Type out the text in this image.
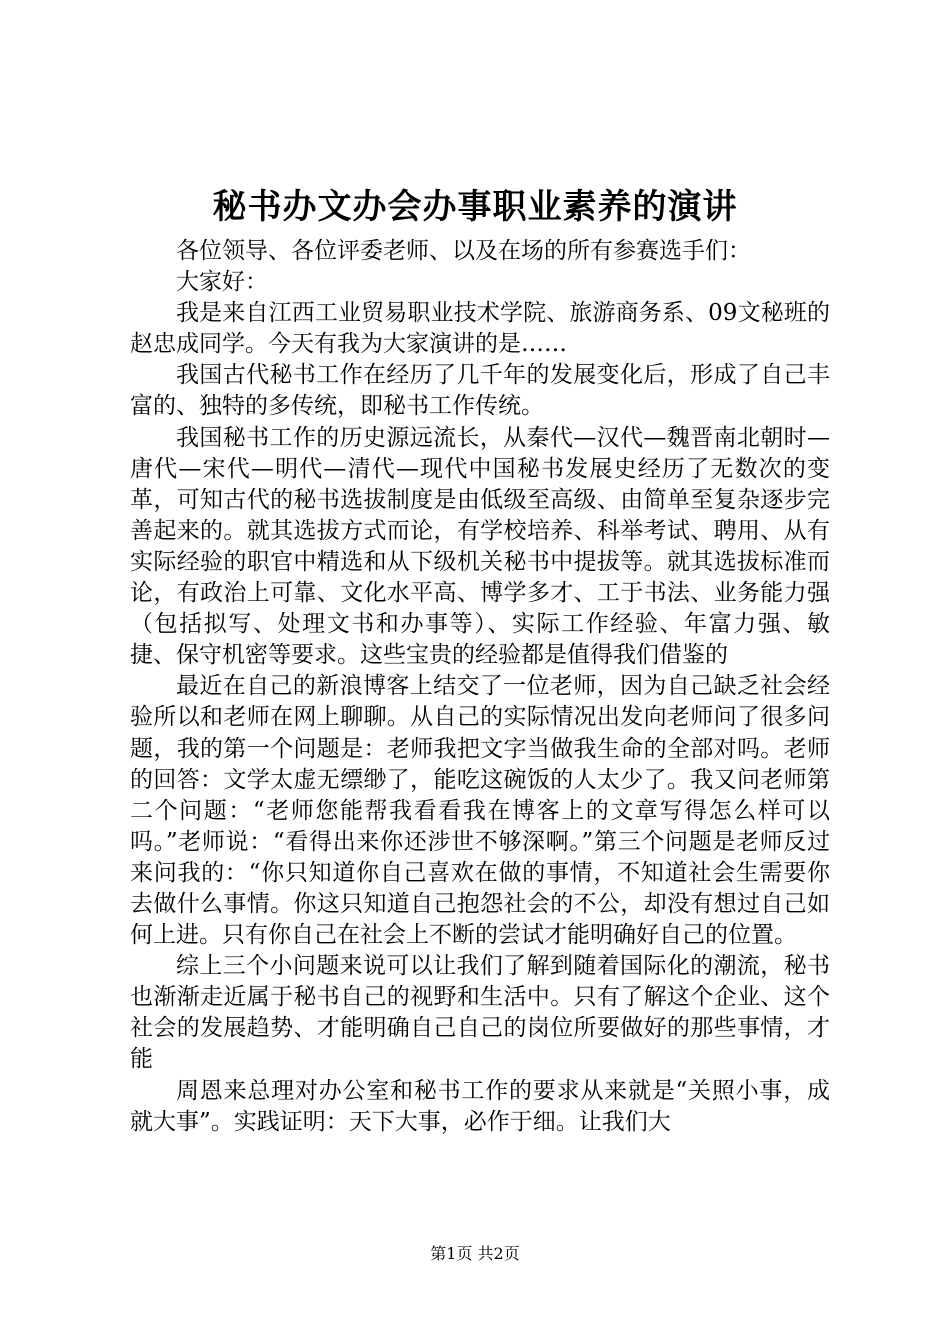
秘书办文办会办事职业素养的演讲

各位领导、各位评委老师、以及在场的所有参赛选手们：

大家好：

我是来自江西工业贸易职业技术学院、旅游商务系、09文秘班的赵忠成同学。今天有我为大家演讲的是……

我国古代秘书工作在经历了几千年的发展变化后，形成了自己丰富的、独特的多传统，即秘书工作传统。

我国秘书工作的历史源远流长，从秦代—汉代—魏晋南北朝时—唐代—宋代—明代—清代—现代中国秘书发展史经历了无数次的变革，可知古代的秘书选拔制度是由低级至高级、由简单至复杂逐步完善起来的。就其选拔方式而论，有学校培养、科举考试、聘用、从有实际经验的职官中精选和从下级机关秘书中提拔等。就其选拔标准而论，有政治上可靠、文化水平高、博学多才、工于书法、业务能力强（包括拟写、处理文书和办事等）、实际工作经验、年富力强、敏捷、保守机密等要求。这些宝贵的经验都是值得我们借鉴的

最近在自己的新浪博客上结交了一位老师，因为自己缺乏社会经验所以和老师在网上聊聊。从自己的实际情况出发向老师问了很多问题，我的第一个问题是：老师我把文字当做我生命的全部对吗。老师的回答：文学太虚无缥缈了，能吃这碗饭的人太少了。我又问老师第二个问题：“老师您能帮我看看我在博客上的文章写得怎么样可以吗。”老师说：“看得出来你还涉世不够深啊。”第三个问题是老师反过来问我的：“你只知道你自己喜欢在做的事情，不知道社会生需要你去做什么事情。你这只知道自己抱怨社会的不公，却没有想过自己如何上进。只有你自己在社会上不断的尝试才能明确好自己的位置。

综上三个小问题来说可以让我们了解到随着国际化的潮流，秘书也渐渐走近属于秘书自己的视野和生活中。只有了解这个企业、这个社会的发展趋势、才能明确自己自己的岗位所要做好的那些事情，才能

周恩来总理对办公室和秘书工作的要求从来就是“关照小事，成就大事”。实践证明：天下大事，必作于细。让我们大

第1页 共2页
